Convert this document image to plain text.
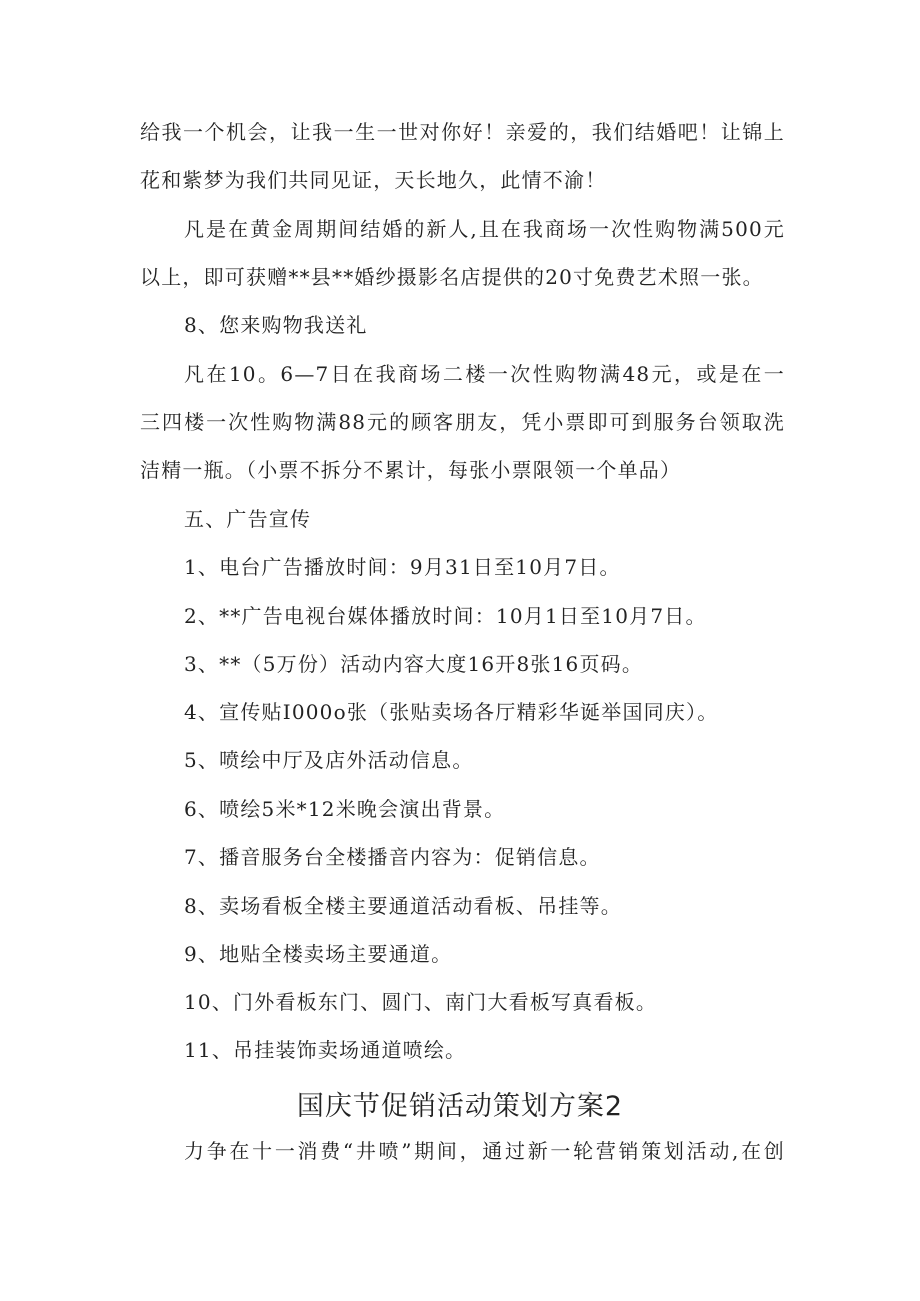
给我一个机会，让我一生一世对你好！亲爱的，我们结婚吧！让锦上
花和紫梦为我们共同见证，天长地久，此情不渝！
凡是在黄金周期间结婚的新人,且在我商场一次性购物满500元
以上，即可获赠**县**婚纱摄影名店提供的20寸免费艺术照一张。
8、您来购物我送礼
凡在10。6—7日在我商场二楼一次性购物满48元，或是在一
三四楼一次性购物满88元的顾客朋友，凭小票即可到服务台领取洗
洁精一瓶。（小票不拆分不累计，每张小票限领一个单品）
五、广告宣传
1、电台广告播放时间：9月31日至10月7日。
2、**广告电视台媒体播放时间：10月1日至10月7日。
3、**（5万份）活动内容大度16开8张16页码。
4、宣传贴I000o张（张贴卖场各厅精彩华诞举国同庆）。
5、喷绘中厅及店外活动信息。
6、喷绘5米*12米晚会演出背景。
7、播音服务台全楼播音内容为：促销信息。
8、卖场看板全楼主要通道活动看板、吊挂等。
9、地贴全楼卖场主要通道。
10、门外看板东门、圆门、南门大看板写真看板。
11、吊挂装饰卖场通道喷绘。
国庆节促销活动策划方案2
力争在十一消费“井喷”期间，通过新一轮营销策划活动,在创
